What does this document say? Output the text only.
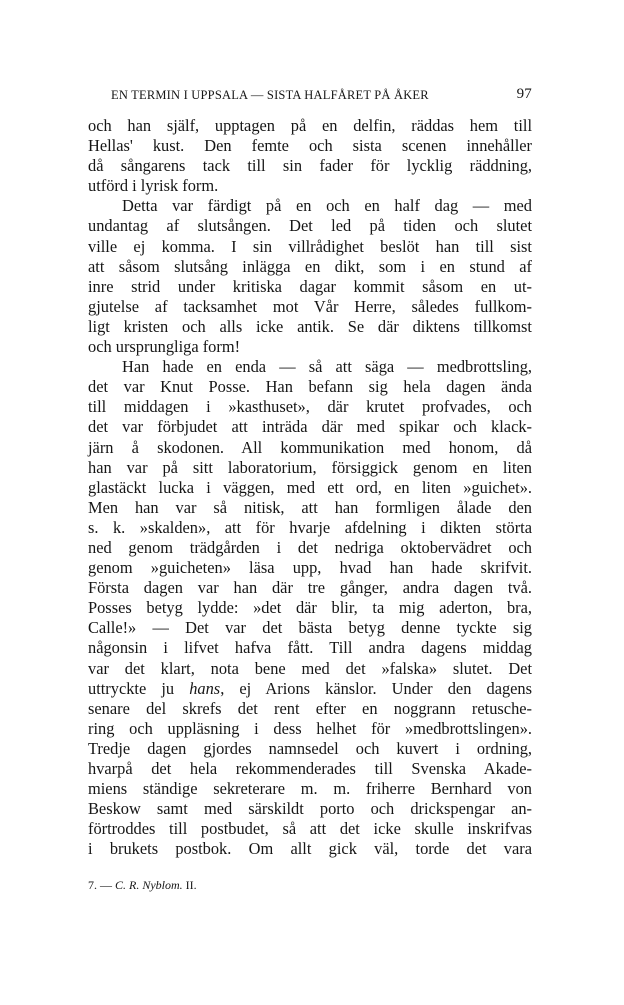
EN TERMIN I UPPSALA — SISTA HALFÅRET PÅ ÅKER	97
och han själf, upptagen på en delfin, räddas hem till
Hellas' kust. Den femte och sista scenen innehåller
då sångarens tack till sin fader för lycklig räddning,
utförd i lyrisk form.
Detta var färdigt på en och en half dag — med
undantag af slutsången. Det led på tiden och slutet
ville ej komma. I sin villrådighet beslöt han till sist
att såsom slutsång inlägga en dikt, som i en stund af
inre strid under kritiska dagar kommit såsom en ut-
gjutelse af tacksamhet mot Vår Herre, således fullkom-
ligt kristen och alls icke antik. Se där diktens tillkomst
och ursprungliga form!
Han hade en enda — så att säga — medbrottsling,
det var Knut Posse. Han befann sig hela dagen ända
till middagen i »kasthuset», där krutet profvades, och
det var förbjudet att inträda där med spikar och klack-
järn å skodonen. All kommunikation med honom, då
han var på sitt laboratorium, försiggick genom en liten
glastäckt lucka i väggen, med ett ord, en liten »guichet».
Men han var så nitisk, att han formligen ålade den
s. k. »skalden», att för hvarje afdelning i dikten störta
ned genom trädgården i det nedriga oktobervädret och
genom »guicheten» läsa upp, hvad han hade skrifvit.
Första dagen var han där tre gånger, andra dagen två.
Posses betyg lydde: »det där blir, ta mig aderton, bra,
Calle!» — Det var det bästa betyg denne tyckte sig
någonsin i lifvet hafva fått. Till andra dagens middag
var det klart, nota bene med det »falska» slutet. Det
uttryckte ju hans, ej Arions känslor. Under den dagens
senare del skrefs det rent efter en noggrann retusche-
ring och uppläsning i dess helhet för »medbrottslingen».
Tredje dagen gjordes namnsedel och kuvert i ordning,
hvarpå det hela rekommenderades till Svenska Akade-
miens ständige sekreterare m. m. friherre Bernhard von
Beskow samt med särskildt porto och drickspengar an-
förtroddes till postbudet, så att det icke skulle inskrifvas
i brukets postbok. Om allt gick väl, torde det vara
7. — C. R. Nyblom. II.
